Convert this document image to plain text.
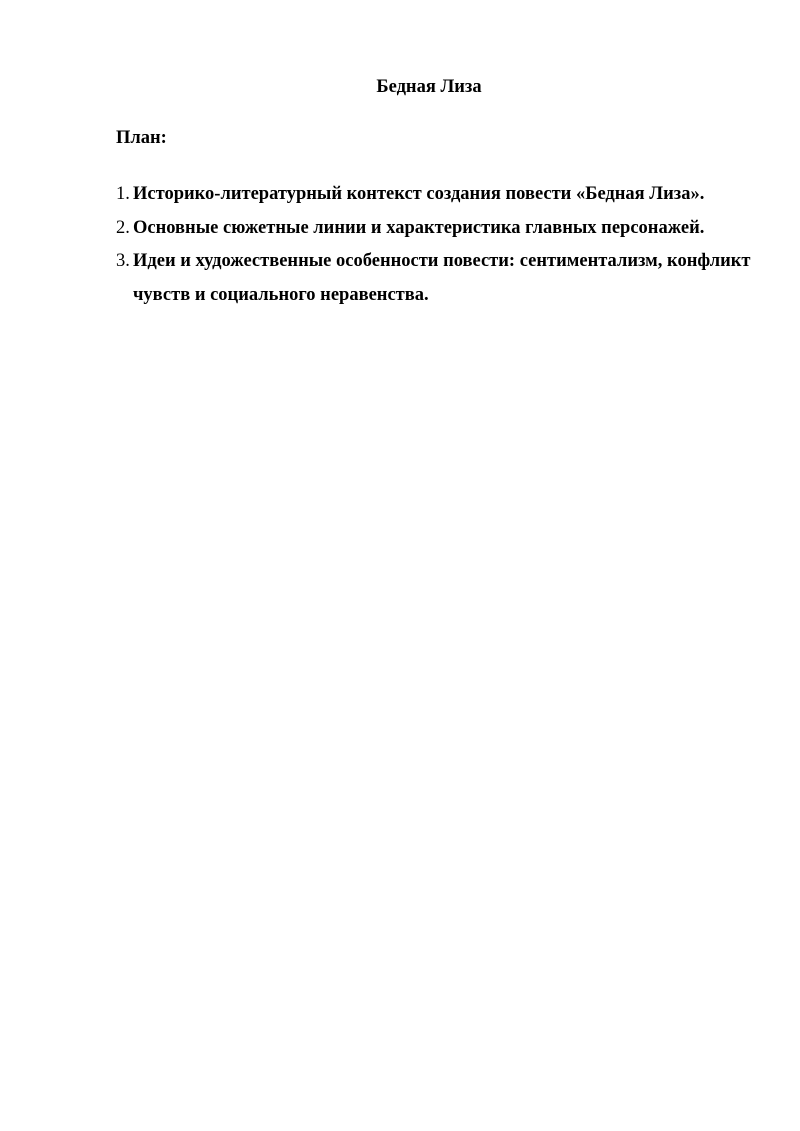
Бедная Лиза

План:

1. Историко-литературный контекст создания повести «Бедная Лиза».
2. Основные сюжетные линии и характеристика главных персонажей.
3. Идеи и художественные особенности повести: сентиментализм, конфликт чувств и социального неравенства.
